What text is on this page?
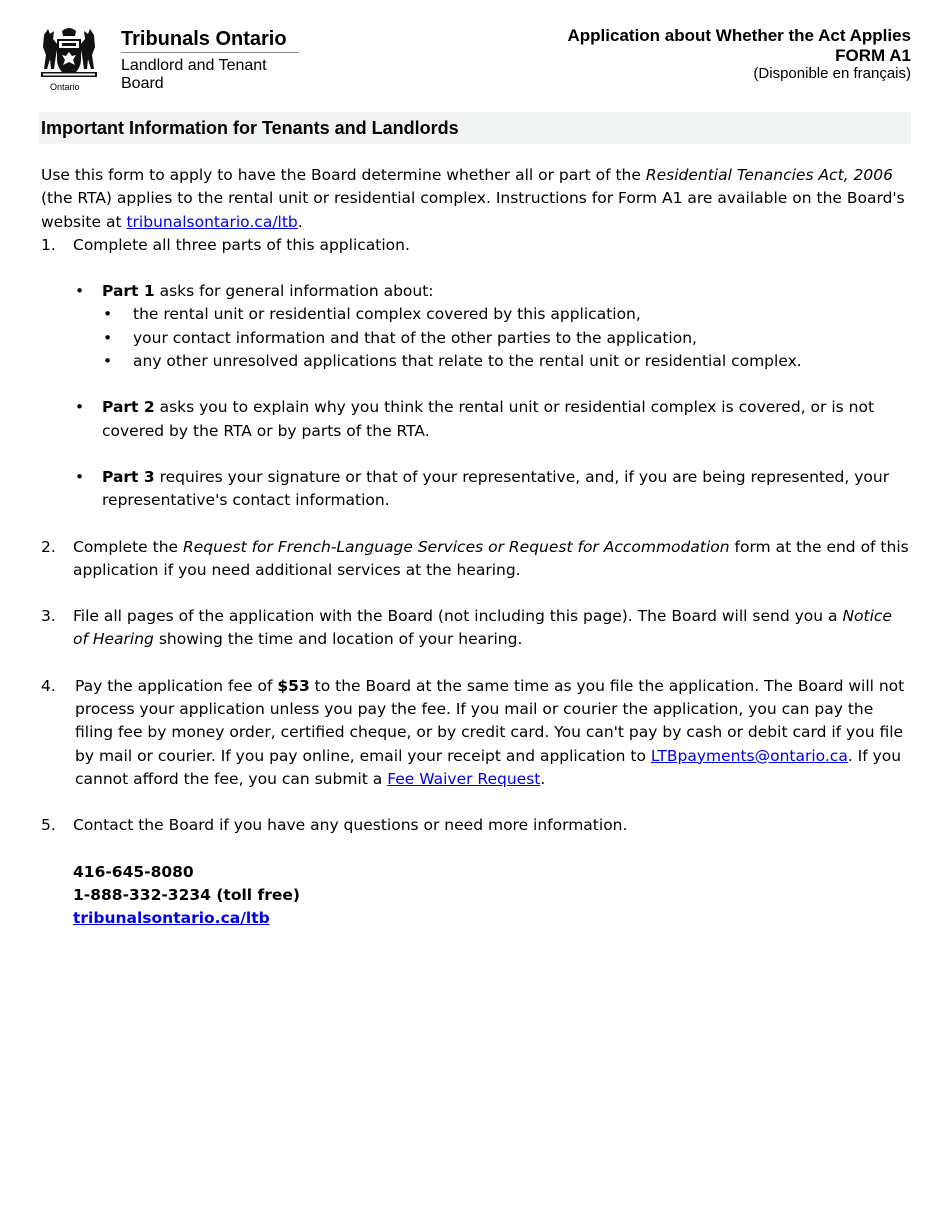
Ontario
Tribunals Ontario
Landlord and Tenant Board
Application about Whether the Act Applies
FORM A1
(Disponible en français)
Important Information for Tenants and Landlords

Use this form to apply to have the Board determine whether all or part of the Residential Tenancies Act, 2006 (the RTA) applies to the rental unit or residential complex. Instructions for Form A1 are available on the Board's website at tribunalsontario.ca/ltb.

1. Complete all three parts of this application.

• Part 1 asks for general information about:

• the rental unit or residential complex covered by this application,
• your contact information and that of the other parties to the application,
• any other unresolved applications that relate to the rental unit or residential complex.
• Part 2 asks you to explain why you think the rental unit or residential complex is covered, or is not covered by the RTA or by parts of the RTA.

• Part 3 requires your signature or that of your representative, and, if you are being represented, your representative's contact information.

2. Complete the Request for French-Language Services or Request for Accommodation form at the end of this application if you need additional services at the hearing.

3. File all pages of the application with the Board (not including this page). The Board will send you a Notice of Hearing showing the time and location of your hearing.

4. Pay the application fee of $53 to the Board at the same time as you file the application. The Board will not process your application unless you pay the fee. If you mail or courier the application, you can pay the filing fee by money order, certified cheque, or by credit card. You can't pay by cash or debit card if you file by mail or courier. If you pay online, email your receipt and application to LTBpayments@ontario.ca. If you cannot afford the fee, you can submit a Fee Waiver Request.

5. Contact the Board if you have any questions or need more information.

416-645-8080
1-888-332-3234 (toll free)
tribunalsontario.ca/ltb
